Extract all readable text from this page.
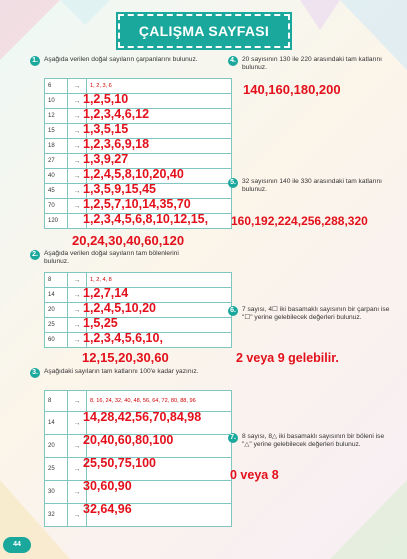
ÇALIŞMA SAYFASI
1. Aşağıda verilen doğal sayıların çarpanlarını bulunuz.
6	→	1, 2, 3, 6

10	→	1,2,5,10

12	→	1,2,3,4,6,12

15	→	1,3,5,15

18	→	1,2,3,6,9,18

27	→	1,3,9,27

40	→	1,2,4,5,8,10,20,40

45	→	1,3,5,9,15,45

70	→	1,2,5,7,10,14,35,70

120		1,2,3,4,5,6,8,10,12,15,
20,24,30,40,60,120
2. Aşağıda verilen doğal sayıların tam bölenlerini bulunuz.
8	→	1, 2, 4, 8

14	→	1,2,7,14

20	→	1,2,4,5,10,20

25	→	1,5,25

60	→	1,2,3,4,5,6,10,
12,15,20,30,60
3. Aşağıdaki sayıların tam katlarını 100'e kadar yazınız.
8	→	8, 16, 24, 32, 40, 48, 56, 64, 72, 80, 88, 96

14	→	14,28,42,56,70,84,98

20	→	20,40,60,80,100

25	→	25,50,75,100

30	→	30,60,90

32	→	32,64,96
4. 20 sayısının 130 ile 220 arasındaki tam katlarını bulunuz.
140,160,180,200
5. 32 sayısının 140 ile 330 arasındaki tam katlarını bulunuz.
160,192,224,256,288,320
6. 7 sayısı, 4☐ iki basamaklı sayısının bir çarpanı ise "☐" yerine gelebilecek değerleri bulunuz.
2 veya 9 gelebilir.
7. 8 sayısı, 8△ iki basamaklı sayısının bir böleni ise "△" yerine gelebilecek değerleri bulunuz.
0 veya 8
44
